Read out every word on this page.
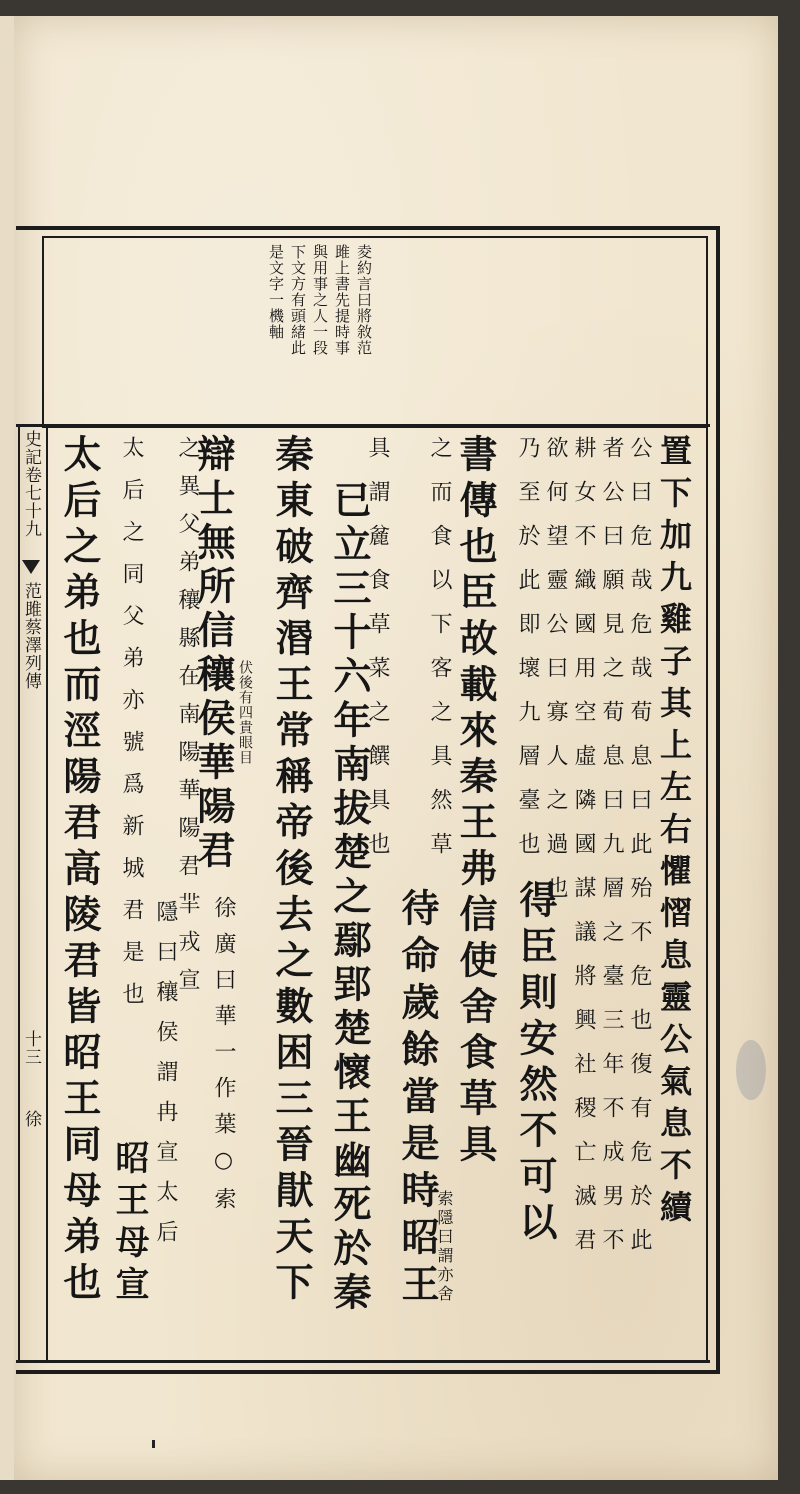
夌約言曰將敘范
雎上書先提時事
與用事之人一段
下文方有頭緒此
是文字一機軸
史記卷七十九
范雎蔡澤列傳
十三
徐	置下加九雞子其上左右懼慴息靈公氣息不續
公曰危哉危哉荀息曰此殆不危也復有危於此
者公曰願見之荀息曰九層之臺三年不成男不
耕女不織國用空虛隣國謀議將興社稷亡滅君
欲何望靈公曰寡人之過也
乃至於此即壞九層臺也
得臣則安然不可以
書傳也臣故載來秦王弗信使舍食草具
索隱曰謂亦舍
之而食以下客之具然草
待命歲餘當是時昭王
具謂麄食草菜之饌具也
已立三十六年南拔楚之鄢郢楚懷王幽死於秦
秦東破齊湣王常稱帝後去之數困三晉猒天下
辯士無所信穰侯華陽君 伏後有四貴眼目
徐廣曰華一作葉○索
之異父弟穰縣在南陽華陽君羋戎宣
隱曰穰侯謂冉宣太后
太后之同父弟亦號爲新城君是也
昭王母宣
太后之弟也而涇陽君高陵君皆昭王同母弟也
